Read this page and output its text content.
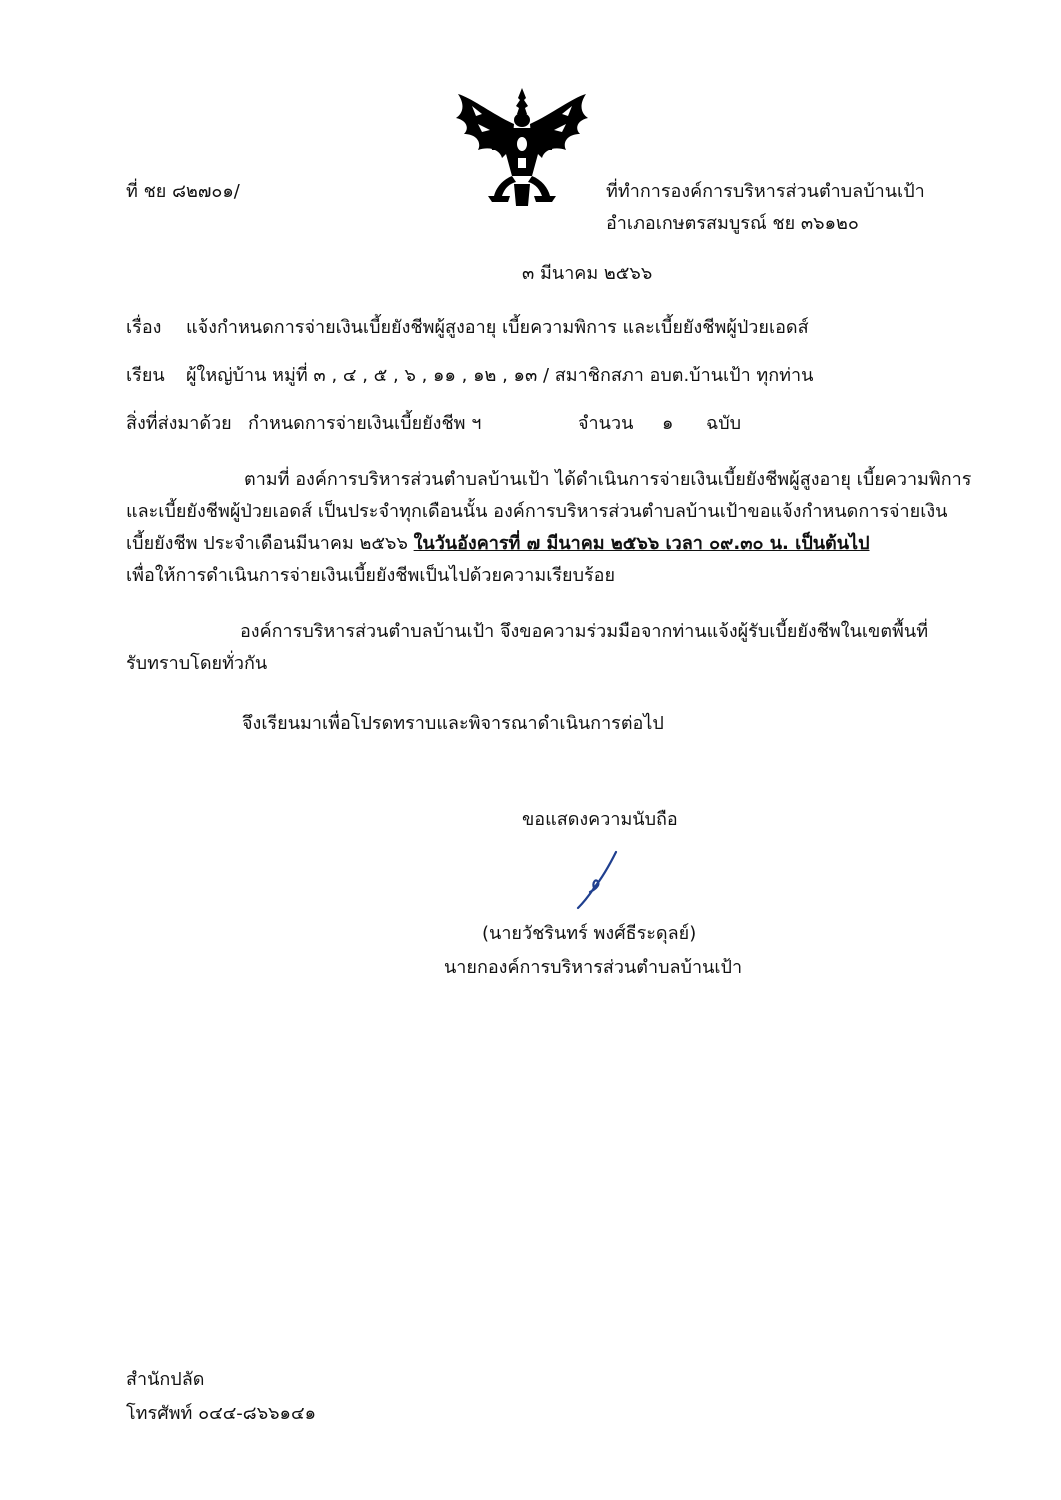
ที่ ชย ๘๒๗๐๑/	ที่ทำการองค์การบริหารส่วนตำบลบ้านเป้า
อำเภอเกษตรสมบูรณ์ ชย ๓๖๑๒๐
๓ มีนาคม ๒๕๖๖
เรื่อง แจ้งกำหนดการจ่ายเงินเบี้ยยังชีพผู้สูงอายุ เบี้ยความพิการ และเบี้ยยังชีพผู้ป่วยเอดส์
เรียน ผู้ใหญ่บ้าน หมู่ที่ ๓ , ๔ , ๕ , ๖ , ๑๑ , ๑๒ , ๑๓ / สมาชิกสภา อบต.บ้านเป้า ทุกท่าน
สิ่งที่ส่งมาด้วย กำหนดการจ่ายเงินเบี้ยยังชีพ ฯ	จำนวน ๑ ฉบับ
ตามที่ องค์การบริหารส่วนตำบลบ้านเป้า ได้ดำเนินการจ่ายเงินเบี้ยยังชีพผู้สูงอายุ เบี้ยความพิการ
และเบี้ยยังชีพผู้ป่วยเอดส์ เป็นประจำทุกเดือนนั้น องค์การบริหารส่วนตำบลบ้านเป้าขอแจ้งกำหนดการจ่ายเงิน
เบี้ยยังชีพ ประจำเดือนมีนาคม ๒๕๖๖ ในวันอังคารที่ ๗ มีนาคม ๒๕๖๖ เวลา ๐๙.๓๐ น. เป็นต้นไป
เพื่อให้การดำเนินการจ่ายเงินเบี้ยยังชีพเป็นไปด้วยความเรียบร้อย
องค์การบริหารส่วนตำบลบ้านเป้า จึงขอความร่วมมือจากท่านแจ้งผู้รับเบี้ยยังชีพในเขตพื้นที่
รับทราบโดยทั่วกัน
จึงเรียนมาเพื่อโปรดทราบและพิจารณาดำเนินการต่อไป
ขอแสดงความนับถือ
(นายวัชรินทร์ พงศ์ธีระดุลย์)
นายกองค์การบริหารส่วนตำบลบ้านเป้า
สำนักปลัด
โทรศัพท์ ๐๔๔-๘๖๖๑๔๑
